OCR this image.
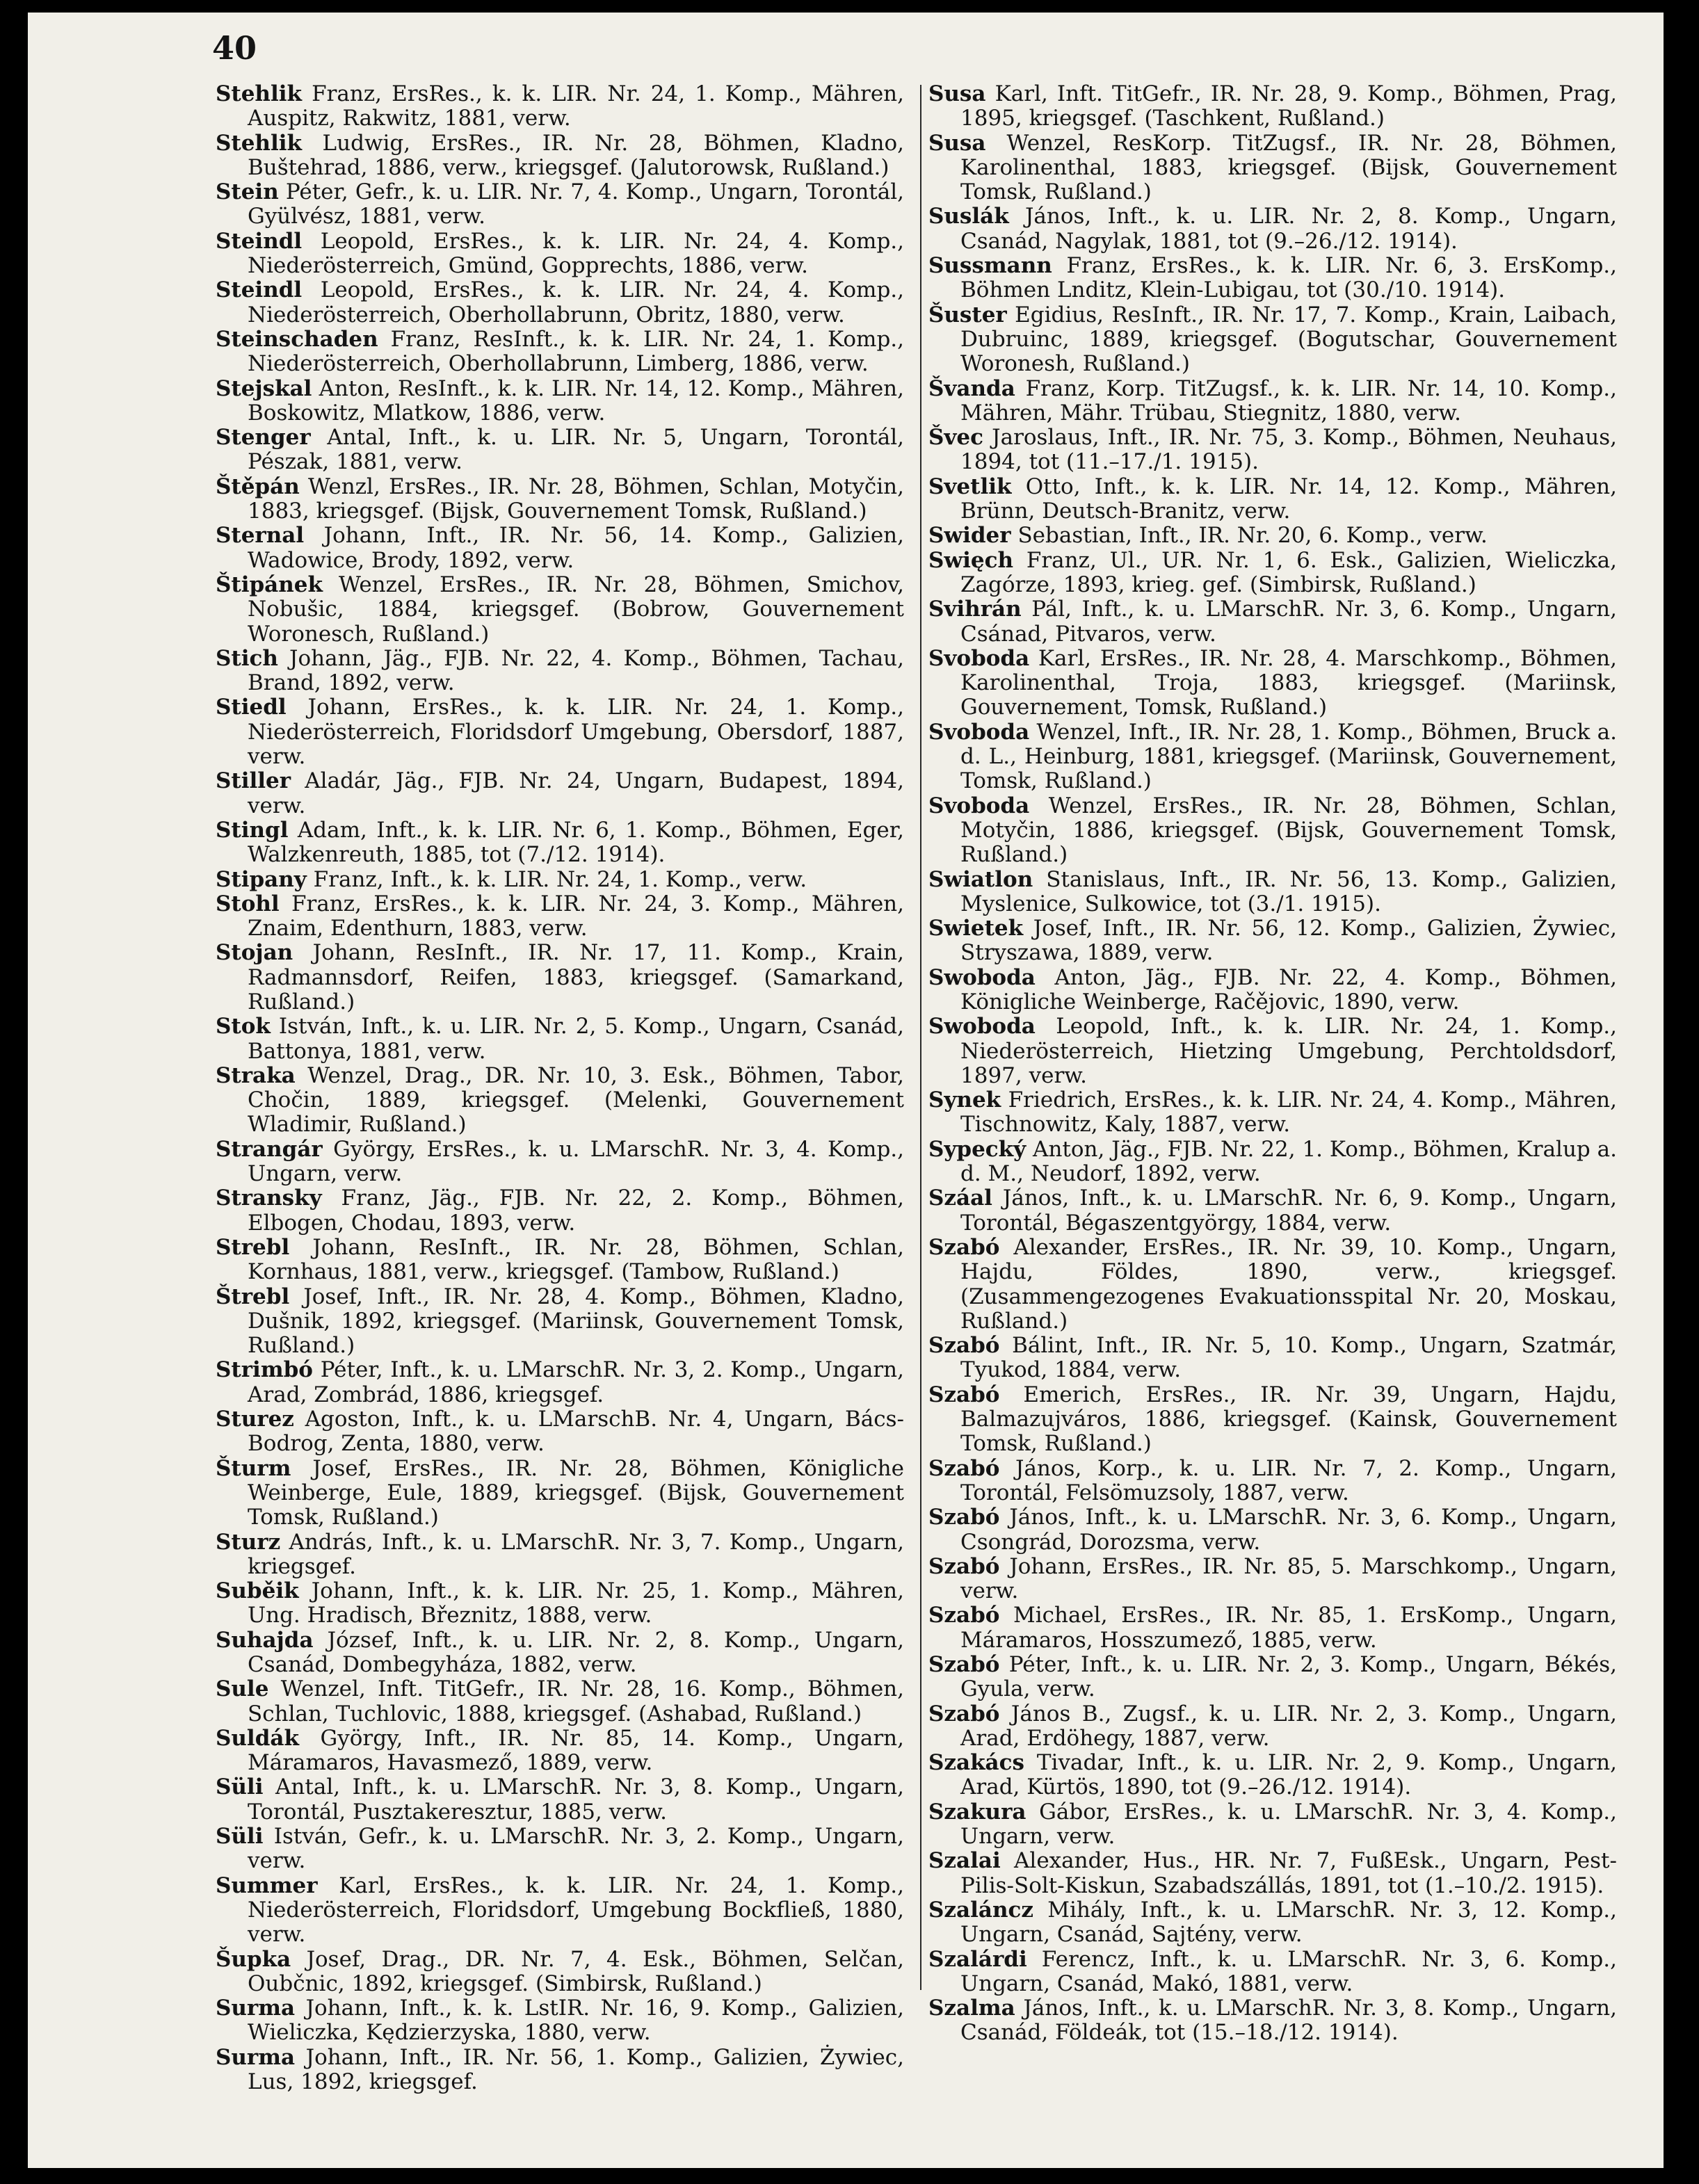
40

Stehlik Franz, ErsRes., k. k. LIR. Nr. 24, 1. Komp., Mähren, Auspitz, Rakwitz, 1881, verw.

Stehlik Ludwig, ErsRes., IR. Nr. 28, Böhmen, Kladno, Buštehrad, 1886, verw., kriegsgef. (Jalutorowsk, Rußland.)

Stein Péter, Gefr., k. u. LIR. Nr. 7, 4. Komp., Ungarn, Torontál, Gyülvész, 1881, verw.

Steindl Leopold, ErsRes., k. k. LIR. Nr. 24, 4. Komp., Niederösterreich, Gmünd, Gopprechts, 1886, verw.

Steindl Leopold, ErsRes., k. k. LIR. Nr. 24, 4. Komp., Niederösterreich, Oberhollabrunn, Obritz, 1880, verw.

Steinschaden Franz, ResInft., k. k. LIR. Nr. 24, 1. Komp., Niederösterreich, Oberhollabrunn, Limberg, 1886, verw.

Stejskal Anton, ResInft., k. k. LIR. Nr. 14, 12. Komp., Mähren, Boskowitz, Mlatkow, 1886, verw.

Stenger Antal, Inft., k. u. LIR. Nr. 5, Ungarn, Torontál, Pészak, 1881, verw.

Štěpán Wenzl, ErsRes., IR. Nr. 28, Böhmen, Schlan, Motyčin, 1883, kriegsgef. (Bijsk, Gouvernement Tomsk, Rußland.)

Sternal Johann, Inft., IR. Nr. 56, 14. Komp., Galizien, Wadowice, Brody, 1892, verw.

Štipánek Wenzel, ErsRes., IR. Nr. 28, Böhmen, Smichov, Nobušic, 1884, kriegsgef. (Bobrow, Gouvernement Woronesch, Rußland.)

Stich Johann, Jäg., FJB. Nr. 22, 4. Komp., Böhmen, Tachau, Brand, 1892, verw.

Stiedl Johann, ErsRes., k. k. LIR. Nr. 24, 1. Komp., Niederösterreich, Floridsdorf Umgebung, Obersdorf, 1887, verw.

Stiller Aladár, Jäg., FJB. Nr. 24, Ungarn, Budapest, 1894, verw.

Stingl Adam, Inft., k. k. LIR. Nr. 6, 1. Komp., Böhmen, Eger, Walzkenreuth, 1885, tot (7./12. 1914).

Stipany Franz, Inft., k. k. LIR. Nr. 24, 1. Komp., verw.

Stohl Franz, ErsRes., k. k. LIR. Nr. 24, 3. Komp., Mähren, Znaim, Edenthurn, 1883, verw.

Stojan Johann, ResInft., IR. Nr. 17, 11. Komp., Krain, Radmannsdorf, Reifen, 1883, kriegsgef. (Samarkand, Rußland.)

Stok István, Inft., k. u. LIR. Nr. 2, 5. Komp., Ungarn, Csanád, Battonya, 1881, verw.

Straka Wenzel, Drag., DR. Nr. 10, 3. Esk., Böhmen, Tabor, Chočin, 1889, kriegsgef. (Melenki, Gouvernement Wladimir, Rußland.)

Strangár György, ErsRes., k. u. LMarschR. Nr. 3, 4. Komp., Ungarn, verw.

Stransky Franz, Jäg., FJB. Nr. 22, 2. Komp., Böhmen, Elbogen, Chodau, 1893, verw.

Strebl Johann, ResInft., IR. Nr. 28, Böhmen, Schlan, Kornhaus, 1881, verw., kriegsgef. (Tambow, Rußland.)

Štrebl Josef, Inft., IR. Nr. 28, 4. Komp., Böhmen, Kladno, Dušnik, 1892, kriegsgef. (Mariinsk, Gouvernement Tomsk, Rußland.)

Strimbó Péter, Inft., k. u. LMarschR. Nr. 3, 2. Komp., Ungarn, Arad, Zombrád, 1886, kriegsgef.

Sturez Agoston, Inft., k. u. LMarschB. Nr. 4, Ungarn, Bács-Bodrog, Zenta, 1880, verw.

Šturm Josef, ErsRes., IR. Nr. 28, Böhmen, Königliche Weinberge, Eule, 1889, kriegsgef. (Bijsk, Gouvernement Tomsk, Rußland.)

Sturz András, Inft., k. u. LMarschR. Nr. 3, 7. Komp., Ungarn, kriegsgef.

Suběik Johann, Inft., k. k. LIR. Nr. 25, 1. Komp., Mähren, Ung. Hradisch, Březnitz, 1888, verw.

Suhajda József, Inft., k. u. LIR. Nr. 2, 8. Komp., Ungarn, Csanád, Dombegyháza, 1882, verw.

Sule Wenzel, Inft. TitGefr., IR. Nr. 28, 16. Komp., Böhmen, Schlan, Tuchlovic, 1888, kriegsgef. (Ashabad, Rußland.)

Suldák György, Inft., IR. Nr. 85, 14. Komp., Ungarn, Máramaros, Havasmező, 1889, verw.

Süli Antal, Inft., k. u. LMarschR. Nr. 3, 8. Komp., Ungarn, Torontál, Pusztakeresztur, 1885, verw.

Süli István, Gefr., k. u. LMarschR. Nr. 3, 2. Komp., Ungarn, verw.

Summer Karl, ErsRes., k. k. LIR. Nr. 24, 1. Komp., Niederösterreich, Floridsdorf, Umgebung Bockfließ, 1880, verw.

Šupka Josef, Drag., DR. Nr. 7, 4. Esk., Böhmen, Selčan, Oubčnic, 1892, kriegsgef. (Simbirsk, Rußland.)

Surma Johann, Inft., k. k. LstIR. Nr. 16, 9. Komp., Galizien, Wieliczka, Kędzierzyska, 1880, verw.

Surma Johann, Inft., IR. Nr. 56, 1. Komp., Galizien, Żywiec, Lus, 1892, kriegsgef.

Susa Karl, Inft. TitGefr., IR. Nr. 28, 9. Komp., Böhmen, Prag, 1895, kriegsgef. (Taschkent, Rußland.)

Susa Wenzel, ResKorp. TitZugsf., IR. Nr. 28, Böhmen, Karolinenthal, 1883, kriegsgef. (Bijsk, Gouvernement Tomsk, Rußland.)

Suslák János, Inft., k. u. LIR. Nr. 2, 8. Komp., Ungarn, Csanád, Nagylak, 1881, tot (9.–26./12. 1914).

Sussmann Franz, ErsRes., k. k. LIR. Nr. 6, 3. ErsKomp., Böhmen Lnditz, Klein-Lubigau, tot (30./10. 1914).

Šuster Egidius, ResInft., IR. Nr. 17, 7. Komp., Krain, Laibach, Dubruinc, 1889, kriegsgef. (Bogutschar, Gouvernement Woronesh, Rußland.)

Švanda Franz, Korp. TitZugsf., k. k. LIR. Nr. 14, 10. Komp., Mähren, Mähr. Trübau, Stiegnitz, 1880, verw.

Švec Jaroslaus, Inft., IR. Nr. 75, 3. Komp., Böhmen, Neuhaus, 1894, tot (11.–17./1. 1915).

Svetlik Otto, Inft., k. k. LIR. Nr. 14, 12. Komp., Mähren, Brünn, Deutsch-Branitz, verw.

Swider Sebastian, Inft., IR. Nr. 20, 6. Komp., verw.

Swięch Franz, Ul., UR. Nr. 1, 6. Esk., Galizien, Wieliczka, Zagórze, 1893, krieg. gef. (Simbirsk, Rußland.)

Svihrán Pál, Inft., k. u. LMarschR. Nr. 3, 6. Komp., Ungarn, Csánad, Pitvaros, verw.

Svoboda Karl, ErsRes., IR. Nr. 28, 4. Marschkomp., Böhmen, Karolinenthal, Troja, 1883, kriegsgef. (Mariinsk, Gouvernement, Tomsk, Rußland.)

Svoboda Wenzel, Inft., IR. Nr. 28, 1. Komp., Böhmen, Bruck a. d. L., Heinburg, 1881, kriegsgef. (Mariinsk, Gouvernement, Tomsk, Rußland.)

Svoboda Wenzel, ErsRes., IR. Nr. 28, Böhmen, Schlan, Motyčin, 1886, kriegsgef. (Bijsk, Gouvernement Tomsk, Rußland.)

Swiatlon Stanislaus, Inft., IR. Nr. 56, 13. Komp., Galizien, Myslenice, Sulkowice, tot (3./1. 1915).

Swietek Josef, Inft., IR. Nr. 56, 12. Komp., Galizien, Żywiec, Stryszawa, 1889, verw.

Swoboda Anton, Jäg., FJB. Nr. 22, 4. Komp., Böhmen, Königliche Weinberge, Račějovic, 1890, verw.

Swoboda Leopold, Inft., k. k. LIR. Nr. 24, 1. Komp., Niederösterreich, Hietzing Umgebung, Perchtoldsdorf, 1897, verw.

Synek Friedrich, ErsRes., k. k. LIR. Nr. 24, 4. Komp., Mähren, Tischnowitz, Kaly, 1887, verw.

Sypecký Anton, Jäg., FJB. Nr. 22, 1. Komp., Böhmen, Kralup a. d. M., Neudorf, 1892, verw.

Száal János, Inft., k. u. LMarschR. Nr. 6, 9. Komp., Ungarn, Torontál, Bégaszentgyörgy, 1884, verw.

Szabó Alexander, ErsRes., IR. Nr. 39, 10. Komp., Ungarn, Hajdu, Földes, 1890, verw., kriegsgef. (Zusammengezogenes Evakuationsspital Nr. 20, Moskau, Rußland.)

Szabó Bálint, Inft., IR. Nr. 5, 10. Komp., Ungarn, Szatmár, Tyukod, 1884, verw.

Szabó Emerich, ErsRes., IR. Nr. 39, Ungarn, Hajdu, Balmazujváros, 1886, kriegsgef. (Kainsk, Gouvernement Tomsk, Rußland.)

Szabó János, Korp., k. u. LIR. Nr. 7, 2. Komp., Ungarn, Torontál, Felsömuzsoly, 1887, verw.

Szabó János, Inft., k. u. LMarschR. Nr. 3, 6. Komp., Ungarn, Csongrád, Dorozsma, verw.

Szabó Johann, ErsRes., IR. Nr. 85, 5. Marschkomp., Ungarn, verw.

Szabó Michael, ErsRes., IR. Nr. 85, 1. ErsKomp., Ungarn, Máramaros, Hosszumező, 1885, verw.

Szabó Péter, Inft., k. u. LIR. Nr. 2, 3. Komp., Ungarn, Békés, Gyula, verw.

Szabó János B., Zugsf., k. u. LIR. Nr. 2, 3. Komp., Ungarn, Arad, Erdöhegy, 1887, verw.

Szakács Tivadar, Inft., k. u. LIR. Nr. 2, 9. Komp., Ungarn, Arad, Kürtös, 1890, tot (9.–26./12. 1914).

Szakura Gábor, ErsRes., k. u. LMarschR. Nr. 3, 4. Komp., Ungarn, verw.

Szalai Alexander, Hus., HR. Nr. 7, FußEsk., Ungarn, Pest-Pilis-Solt-Kiskun, Szabadszállás, 1891, tot (1.–10./2. 1915).

Szaláncz Mihály, Inft., k. u. LMarschR. Nr. 3, 12. Komp., Ungarn, Csanád, Sajtény, verw.

Szalárdi Ferencz, Inft., k. u. LMarschR. Nr. 3, 6. Komp., Ungarn, Csanád, Makó, 1881, verw.

Szalma János, Inft., k. u. LMarschR. Nr. 3, 8. Komp., Ungarn, Csanád, Földeák, tot (15.–18./12. 1914).
